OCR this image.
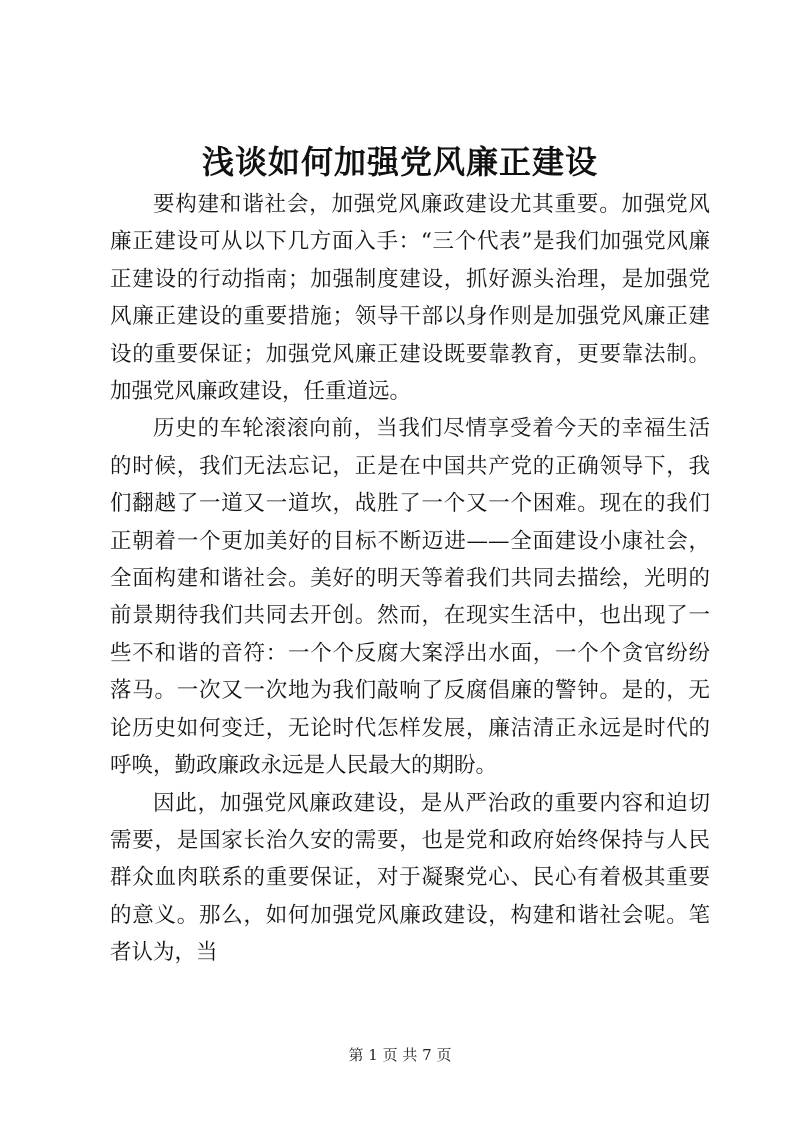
浅谈如何加强党风廉正建设

要构建和谐社会，加强党风廉政建设尤其重要。加强党风廉正建设可从以下几方面入手：“三个代表”是我们加强党风廉正建设的行动指南；加强制度建设，抓好源头治理，是加强党风廉正建设的重要措施；领导干部以身作则是加强党风廉正建设的重要保证；加强党风廉正建设既要靠教育，更要靠法制。加强党风廉政建设，任重道远。

历史的车轮滚滚向前，当我们尽情享受着今天的幸福生活的时候，我们无法忘记，正是在中国共产党的正确领导下，我们翻越了一道又一道坎，战胜了一个又一个困难。现在的我们正朝着一个更加美好的目标不断迈进——全面建设小康社会，全面构建和谐社会。美好的明天等着我们共同去描绘，光明的前景期待我们共同去开创。然而，在现实生活中，也出现了一些不和谐的音符：一个个反腐大案浮出水面，一个个贪官纷纷落马。一次又一次地为我们敲响了反腐倡廉的警钟。是的，无论历史如何变迁，无论时代怎样发展，廉洁清正永远是时代的呼唤，勤政廉政永远是人民最大的期盼。

因此，加强党风廉政建设，是从严治政的重要内容和迫切需要，是国家长治久安的需要，也是党和政府始终保持与人民群众血肉联系的重要保证，对于凝聚党心、民心有着极其重要的意义。那么，如何加强党风廉政建设，构建和谐社会呢。笔者认为，当

第 1 页 共 7 页
